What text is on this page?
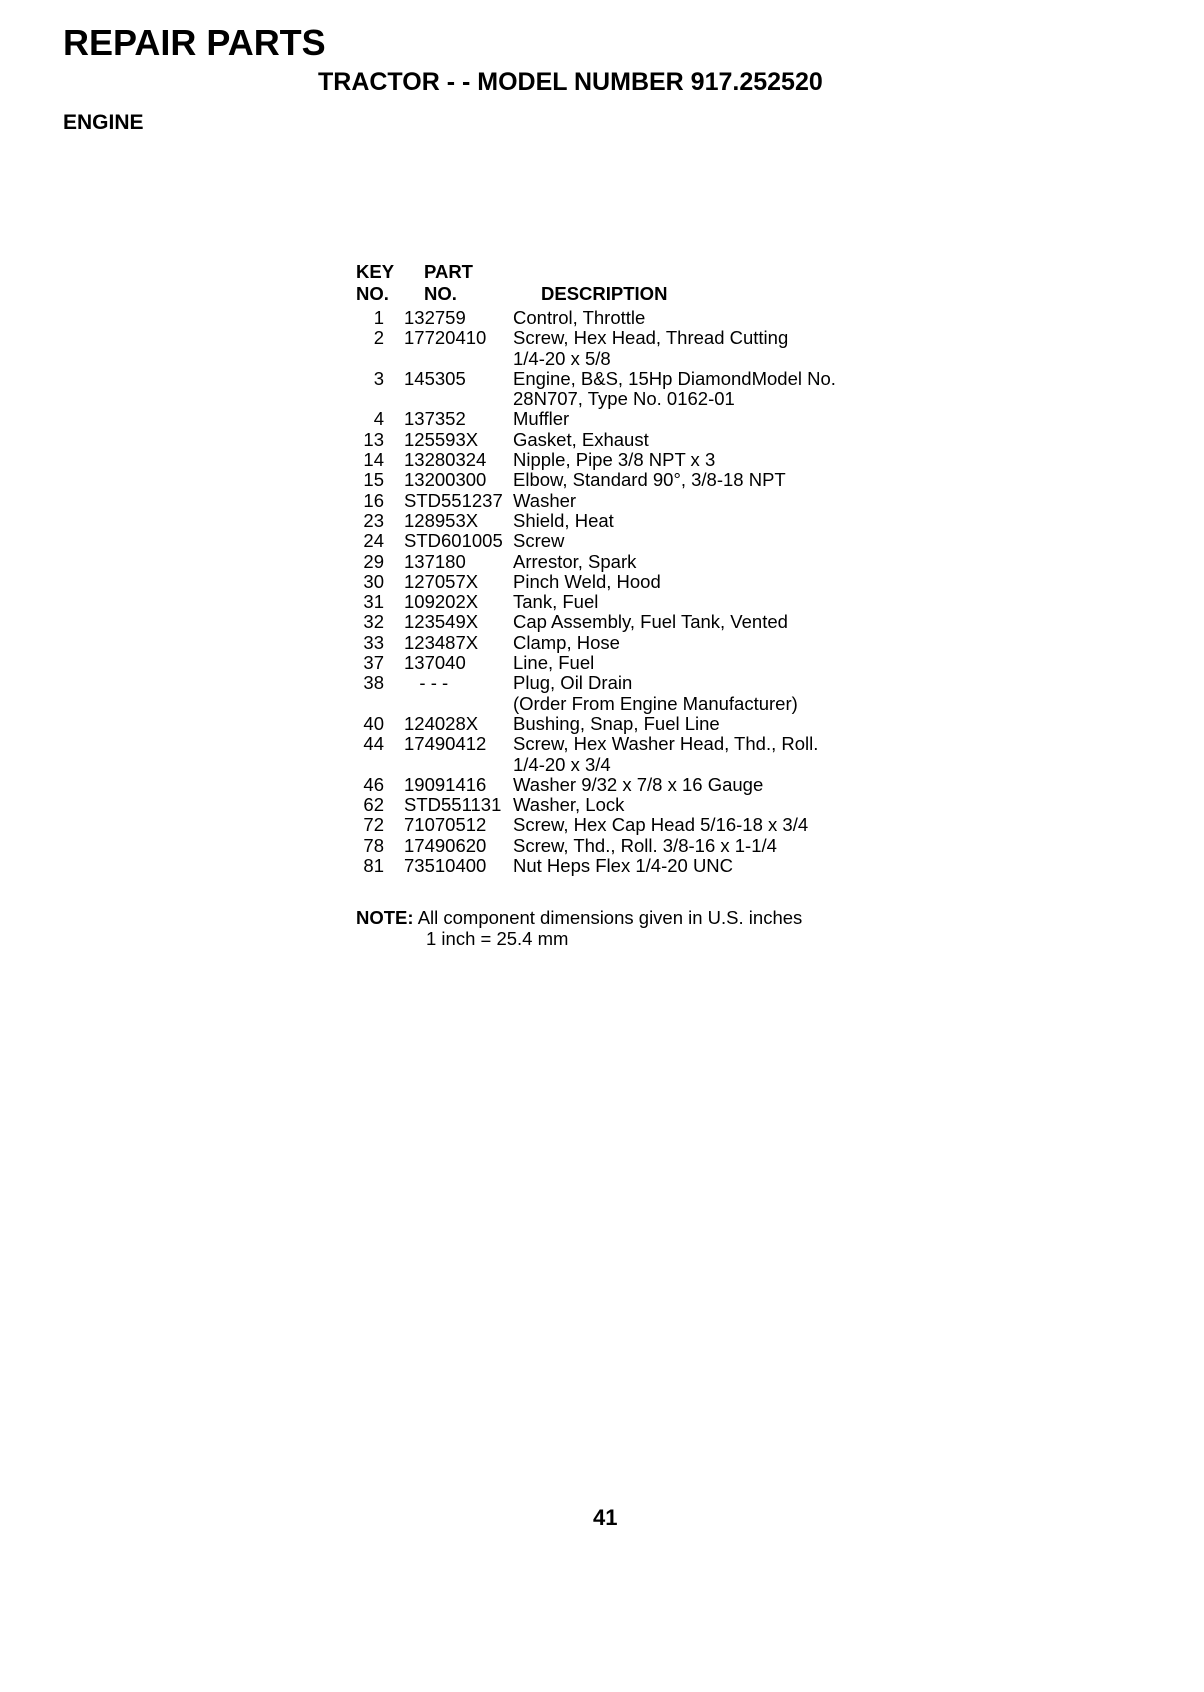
REPAIR PARTS
TRACTOR - - MODEL NUMBER 917.252520
ENGINE
KEY
NO.
PART
NO.	DESCRIPTION
1	132759	Control, Throttle
2	17720410	Screw, Hex Head, Thread Cutting
1/4-20 x 5/8
3	145305	Engine, B&S, 15Hp DiamondModel No.
28N707, Type No. 0162-01
4	137352	Muffler
13	125593X	Gasket, Exhaust
14	13280324	Nipple, Pipe 3/8 NPT x 3
15	13200300	Elbow, Standard 90°, 3/8-18 NPT
16	STD551237 Washer
23	128953X	Shield, Heat
24	STD601005 Screw
29	137180	Arrestor, Spark
30	127057X	Pinch Weld, Hood
31	109202X	Tank, Fuel
32	123549X	Cap Assembly, Fuel Tank, Vented
33	123487X	Clamp, Hose
37	137040	Line, Fuel
38	- - -	Plug, Oil Drain
(Order From Engine Manufacturer)
40	124028X	Bushing, Snap, Fuel Line
44	17490412	Screw, Hex Washer Head, Thd., Roll.
1/4-20 x 3/4
46	19091416	Washer 9/32 x 7/8 x 16 Gauge
62	STD551131 Washer, Lock
72	71070512	Screw, Hex Cap Head 5/16-18 x 3/4
78	17490620	Screw, Thd., Roll. 3/8-16 x 1-1/4
81	73510400	Nut Heps Flex 1/4-20 UNC
NOTE: All component dimensions given in U.S. inches
1 inch = 25.4 mm
41
